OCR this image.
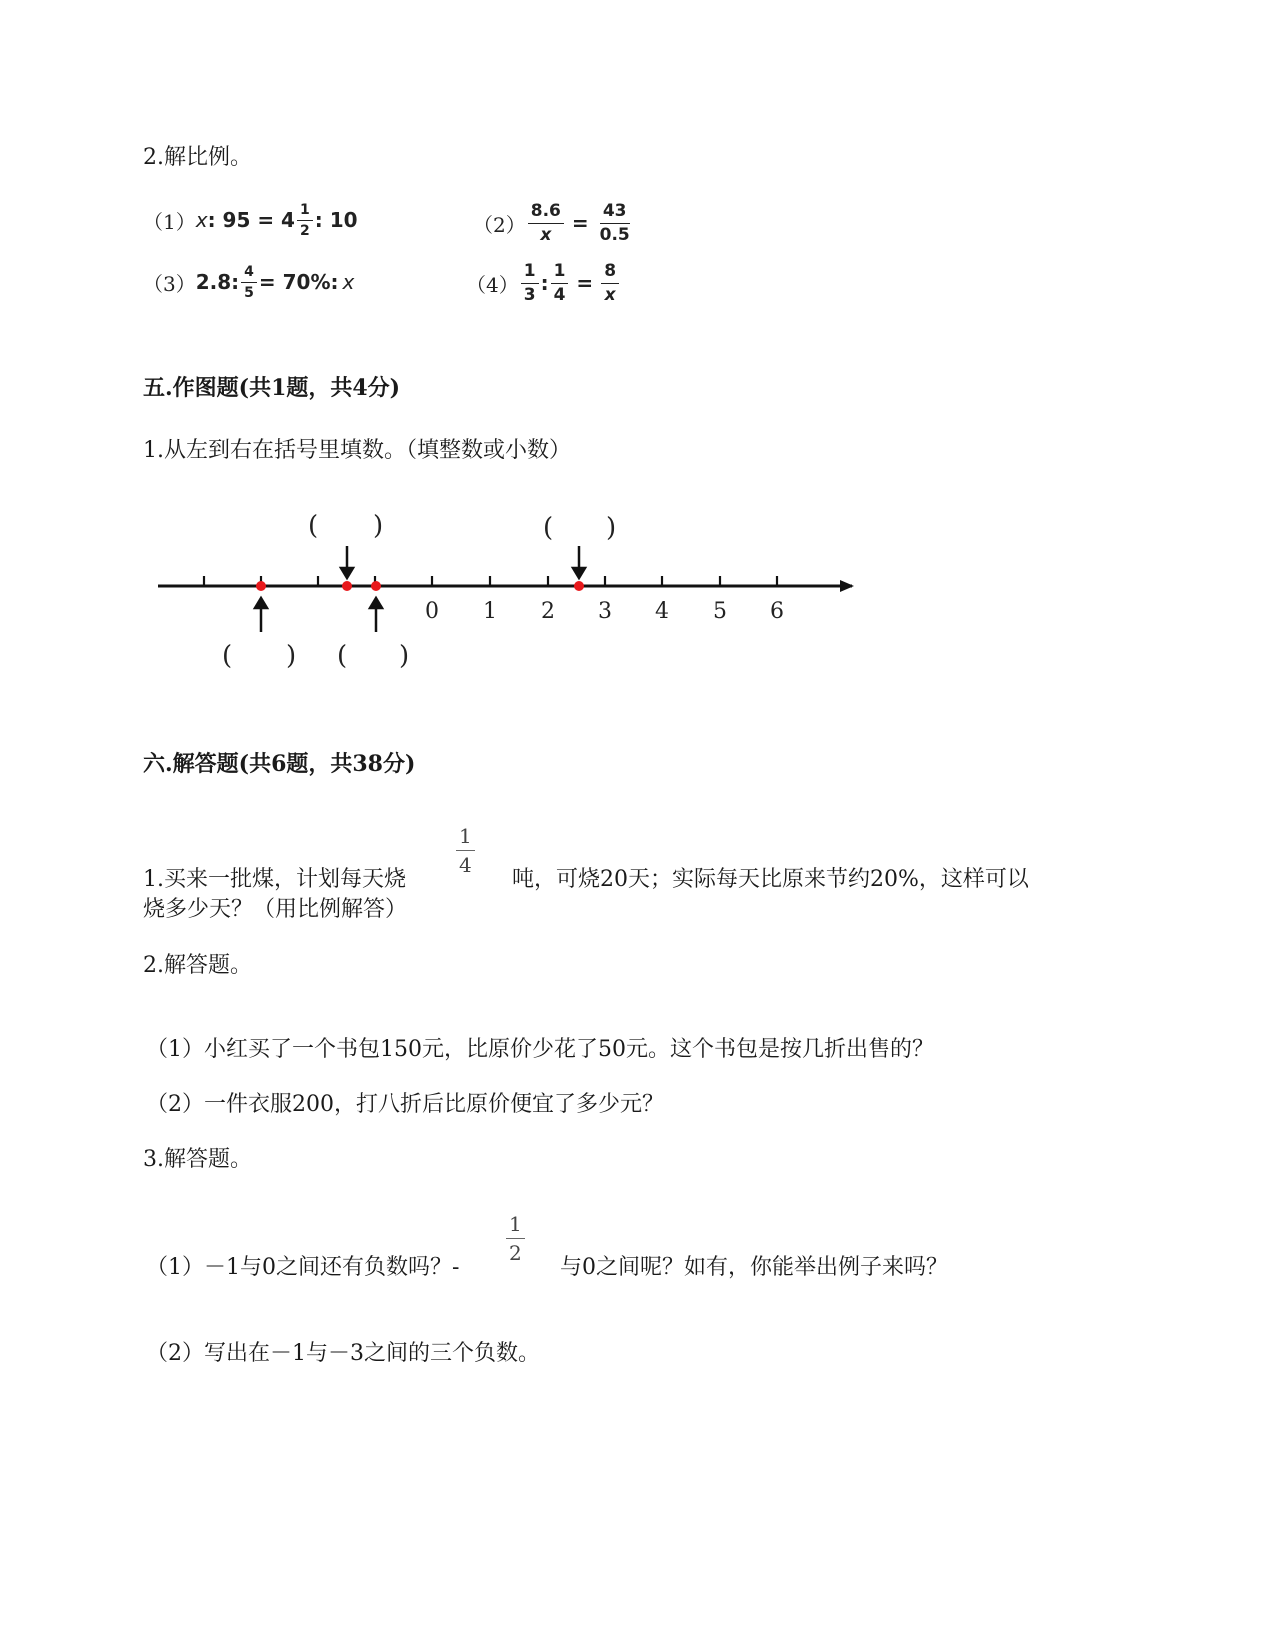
2.解比例。
（1） x : $95 = 4 \frac{1}{2}$ : 10	$(2) \frac{8.6}{x} = \frac{43}{0.5}$
（3） 2.8: $\frac{4}{5} = 70\%$: x	$(4) \frac{1}{3}$ : $\frac{1}{4} = \frac{8}{x}$
五.作图题(共1题，共4分)
1.从左到右在括号里填数。（填整数或小数）
0 1 2 3 4 5 6
( )	( )
( ) ( )
六.解答题(共6题，共38分)
1.买来一批煤，计划每天烧
$\frac{1}{4}$
吨，可烧20天；实际每天比原来节约20%，这样可以
烧多少天？（用比例解答）
2.解答题。
（1）小红买了一个书包150元，比原价少花了50元。这个书包是按几折出售的？
（2）一件衣服200，打八折后比原价便宜了多少元？
3.解答题。
（1）－1与0之间还有负数吗？-
$\frac{1}{2}$
与0之间呢？如有，你能举出例子来吗？
（2）写出在－1与－3之间的三个负数。
